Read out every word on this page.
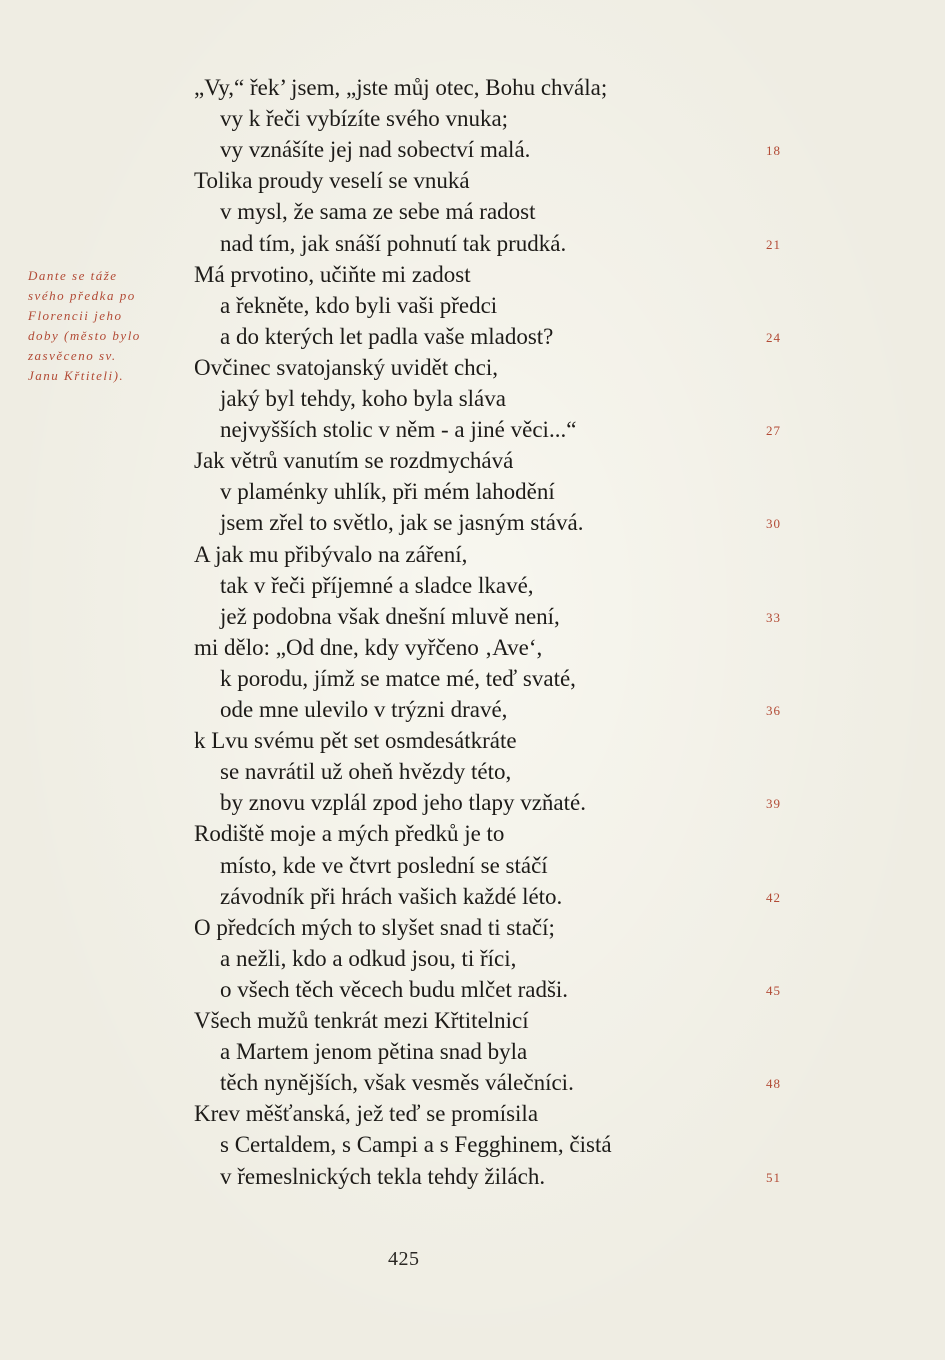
Dante se táže
svého předka po
Florencii jeho
doby (město bylo
zasvěceno sv.
Janu Křtiteli).
„Vy,“ řek’ jsem, „jste můj otec, Bohu chvála;
vy k řeči vybízíte svého vnuka;
vy vznášíte jej nad sobectví malá.	18
Tolika proudy veselí se vnuká
v mysl, že sama ze sebe má radost
nad tím, jak snáší pohnutí tak prudká.	21
Má prvotino, učiňte mi zadost
a řekněte, kdo byli vaši předci
a do kterých let padla vaše mladost?	24
Ovčinec svatojanský uvidět chci,
jaký byl tehdy, koho byla sláva
nejvyšších stolic v něm - a jiné věci...“	27
Jak větrů vanutím se rozdmychává
v plaménky uhlík, při mém lahodění
jsem zřel to světlo, jak se jasným stává.	30
A jak mu přibývalo na záření,
tak v řeči příjemné a sladce lkavé,
jež podobna však dnešní mluvě není,	33
mi dělo: „Od dne, kdy vyřčeno ‚Ave‘,
k porodu, jímž se matce mé, teď svaté,
ode mne ulevilo v trýzni dravé,	36
k Lvu svému pět set osmdesátkráte
se navrátil už oheň hvězdy této,
by znovu vzplál zpod jeho tlapy vzňaté.	39
Rodiště moje a mých předků je to
místo, kde ve čtvrt poslední se stáčí
závodník při hrách vašich každé léto.	42
O předcích mých to slyšet snad ti stačí;
a nežli, kdo a odkud jsou, ti říci,
o všech těch věcech budu mlčet radši.	45
Všech mužů tenkrát mezi Křtitelnicí
a Martem jenom pětina snad byla
těch nynějších, však vesměs válečníci.	48
Krev měšťanská, jež teď se promísila
s Certaldem, s Campi a s Fegghinem, čistá
v řemeslnických tekla tehdy žilách.	51
425
